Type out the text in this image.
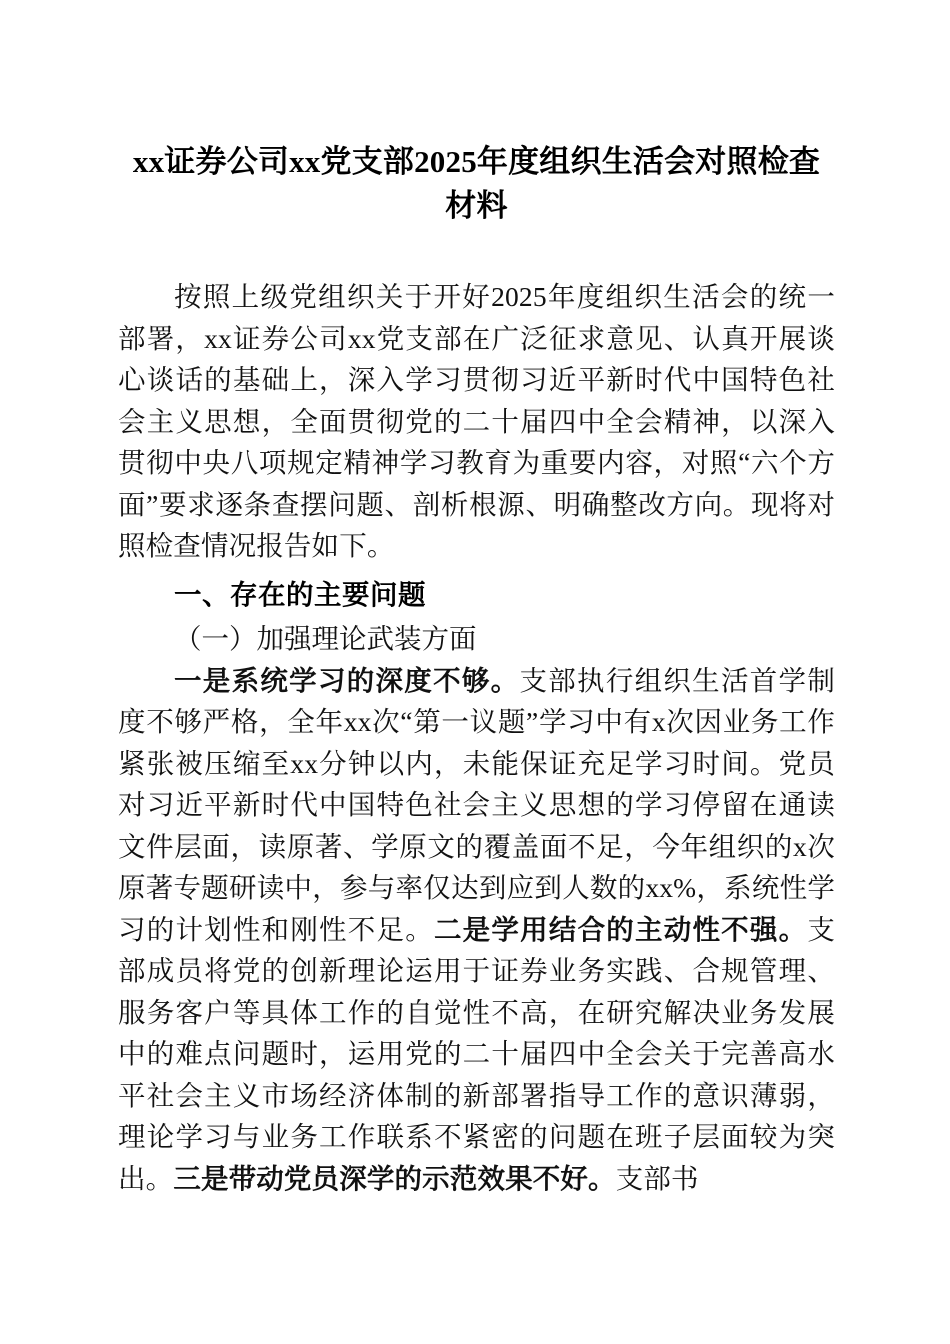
xx证券公司xx党支部2025年度组织生活会对照检查材料

按照上级党组织关于开好2025年度组织生活会的统一部署，xx证券公司xx党支部在广泛征求意见、认真开展谈心谈话的基础上，深入学习贯彻习近平新时代中国特色社会主义思想，全面贯彻党的二十届四中全会精神，以深入贯彻中央八项规定精神学习教育为重要内容，对照“六个方面”要求逐条查摆问题、剖析根源、明确整改方向。现将对照检查情况报告如下。

一、存在的主要问题
（一）加强理论武装方面

一是系统学习的深度不够。支部执行组织生活首学制度不够严格，全年xx次“第一议题”学习中有x次因业务工作紧张被压缩至xx分钟以内，未能保证充足学习时间。党员对习近平新时代中国特色社会主义思想的学习停留在通读文件层面，读原著、学原文的覆盖面不足，今年组织的x次原著专题研读中，参与率仅达到应到人数的xx%，系统性学习的计划性和刚性不足。二是学用结合的主动性不强。支部成员将党的创新理论运用于证券业务实践、合规管理、服务客户等具体工作的自觉性不高，在研究解决业务发展中的难点问题时，运用党的二十届四中全会关于完善高水平社会主义市场经济体制的新部署指导工作的意识薄弱，理论学习与业务工作联系不紧密的问题在班子层面较为突出。三是带动党员深学的示范效果不好。支部书
